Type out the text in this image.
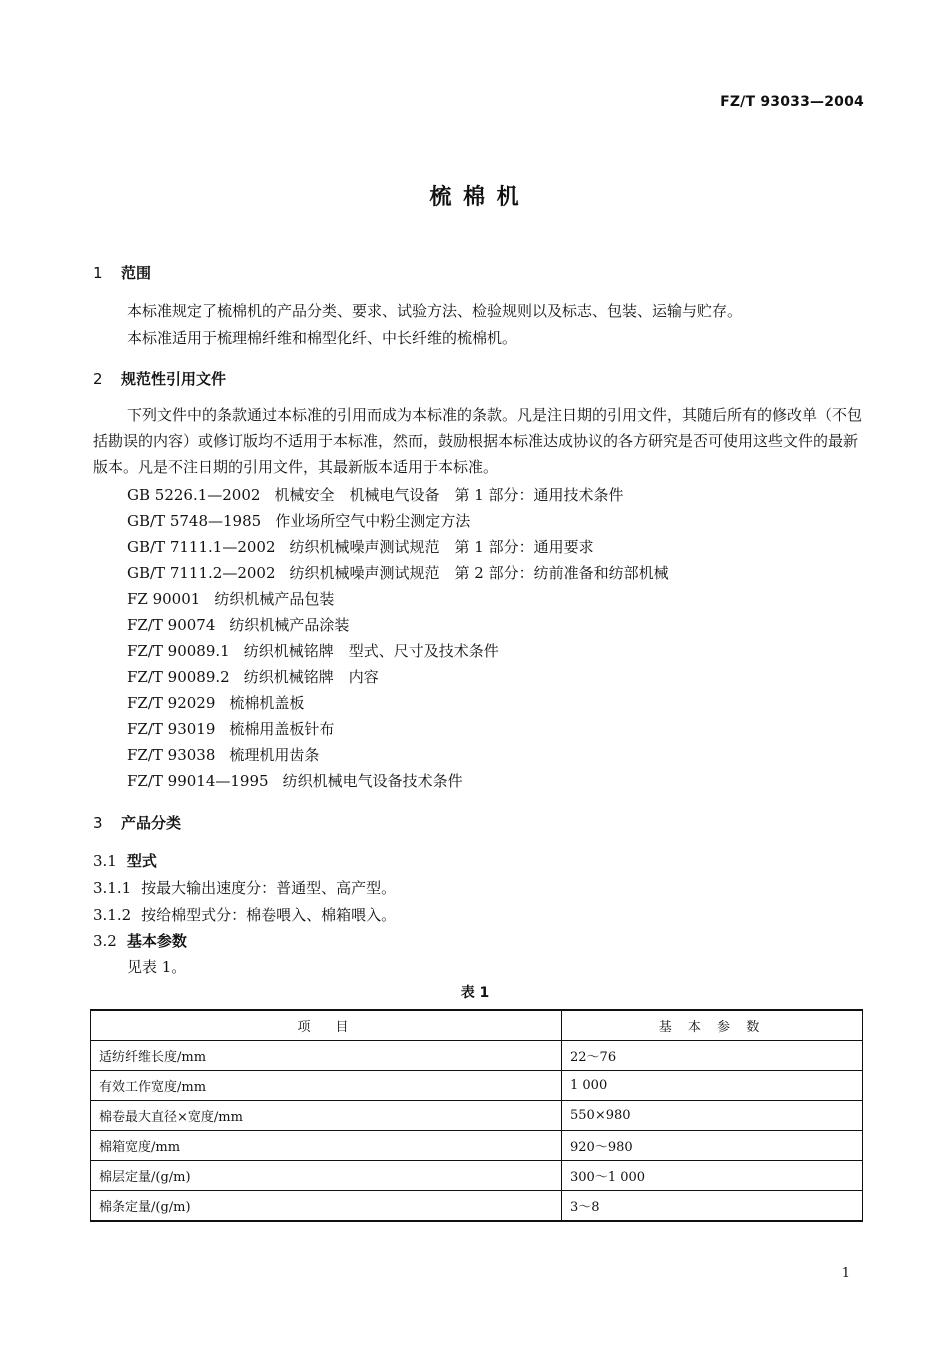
FZ/T 93033—2004
梳 棉 机
1 范围
本标准规定了梳棉机的产品分类、要求、试验方法、检验规则以及标志、包装、运输与贮存。
本标准适用于梳理棉纤维和棉型化纤、中长纤维的梳棉机。
2 规范性引用文件
下列文件中的条款通过本标准的引用而成为本标准的条款。凡是注日期的引用文件，其随后所有的修改单（不包括勘误的内容）或修订版均不适用于本标准，然而，鼓励根据本标准达成协议的各方研究是否可使用这些文件的最新版本。凡是不注日期的引用文件，其最新版本适用于本标准。
GB 5226.1—2002 机械安全　机械电气设备　第 1 部分：通用技术条件
GB/T 5748—1985 作业场所空气中粉尘测定方法
GB/T 7111.1—2002 纺织机械噪声测试规范　第 1 部分：通用要求
GB/T 7111.2—2002 纺织机械噪声测试规范　第 2 部分：纺前准备和纺部机械
FZ 90001 纺织机械产品包装
FZ/T 90074 纺织机械产品涂装
FZ/T 90089.1 纺织机械铭牌　型式、尺寸及技术条件
FZ/T 90089.2 纺织机械铭牌　内容
FZ/T 92029 梳棉机盖板
FZ/T 93019 梳棉用盖板针布
FZ/T 93038 梳理机用齿条
FZ/T 99014—1995 纺织机械电气设备技术条件
3 产品分类
3.1 型式
3.1.1 按最大输出速度分：普通型、高产型。
3.1.2 按给棉型式分：棉卷喂入、棉箱喂入。
3.2 基本参数
见表 1。
表 1
项　目	基 本 参 数
适纺纤维长度/mm	22～76
有效工作宽度/mm	1 000
棉卷最大直径×宽度/mm	550×980
棉箱宽度/mm	920～980
棉层定量/(g/m)	300～1 000
棉条定量/(g/m)	3～8
1
